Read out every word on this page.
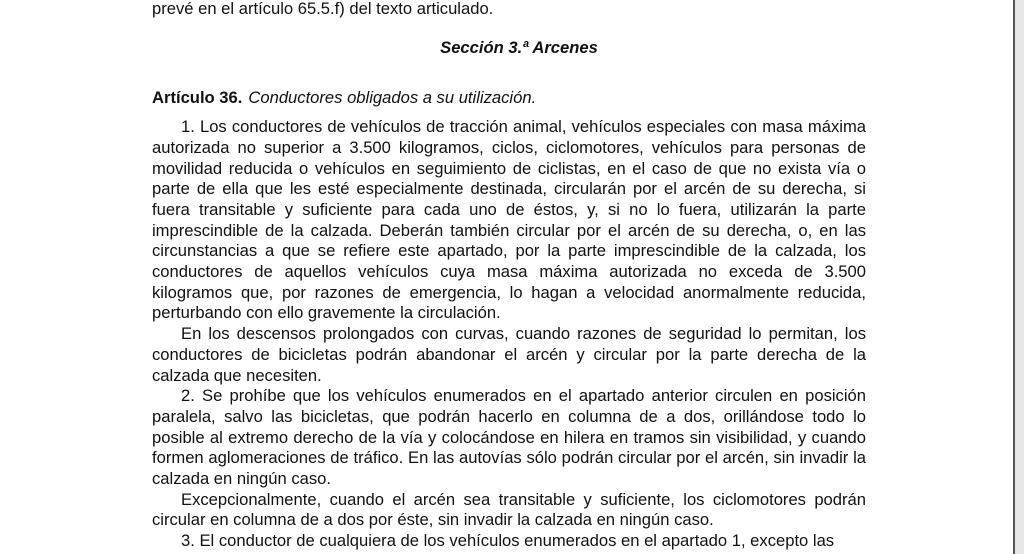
prevé en el artículo 65.5.f) del texto articulado.
Sección 3.ª Arcenes
Artículo 36. Conductores obligados a su utilización.

1. Los conductores de vehículos de tracción animal, vehículos especiales con masa máxima autorizada no superior a 3.500 kilogramos, ciclos, ciclomotores, vehículos para personas de movilidad reducida o vehículos en seguimiento de ciclistas, en el caso de que no exista vía o parte de ella que les esté especialmente destinada, circularán por el arcén de su derecha, si fuera transitable y suficiente para cada uno de éstos, y, si no lo fuera, utilizarán la parte imprescindible de la calzada. Deberán también circular por el arcén de su derecha, o, en las circunstancias a que se refiere este apartado, por la parte imprescindible de la calzada, los conductores de aquellos vehículos cuya masa máxima autorizada no exceda de 3.500 kilogramos que, por razones de emergencia, lo hagan a velocidad anormalmente reducida, perturbando con ello gravemente la circulación.

En los descensos prolongados con curvas, cuando razones de seguridad lo permitan, los conductores de bicicletas podrán abandonar el arcén y circular por la parte derecha de la calzada que necesiten.

2. Se prohíbe que los vehículos enumerados en el apartado anterior circulen en posición paralela, salvo las bicicletas, que podrán hacerlo en columna de a dos, orillándose todo lo posible al extremo derecho de la vía y colocándose en hilera en tramos sin visibilidad, y cuando formen aglomeraciones de tráfico. En las autovías sólo podrán circular por el arcén, sin invadir la calzada en ningún caso.

Excepcionalmente, cuando el arcén sea transitable y suficiente, los ciclomotores podrán circular en columna de a dos por éste, sin invadir la calzada en ningún caso.

3. El conductor de cualquiera de los vehículos enumerados en el apartado 1, excepto las
